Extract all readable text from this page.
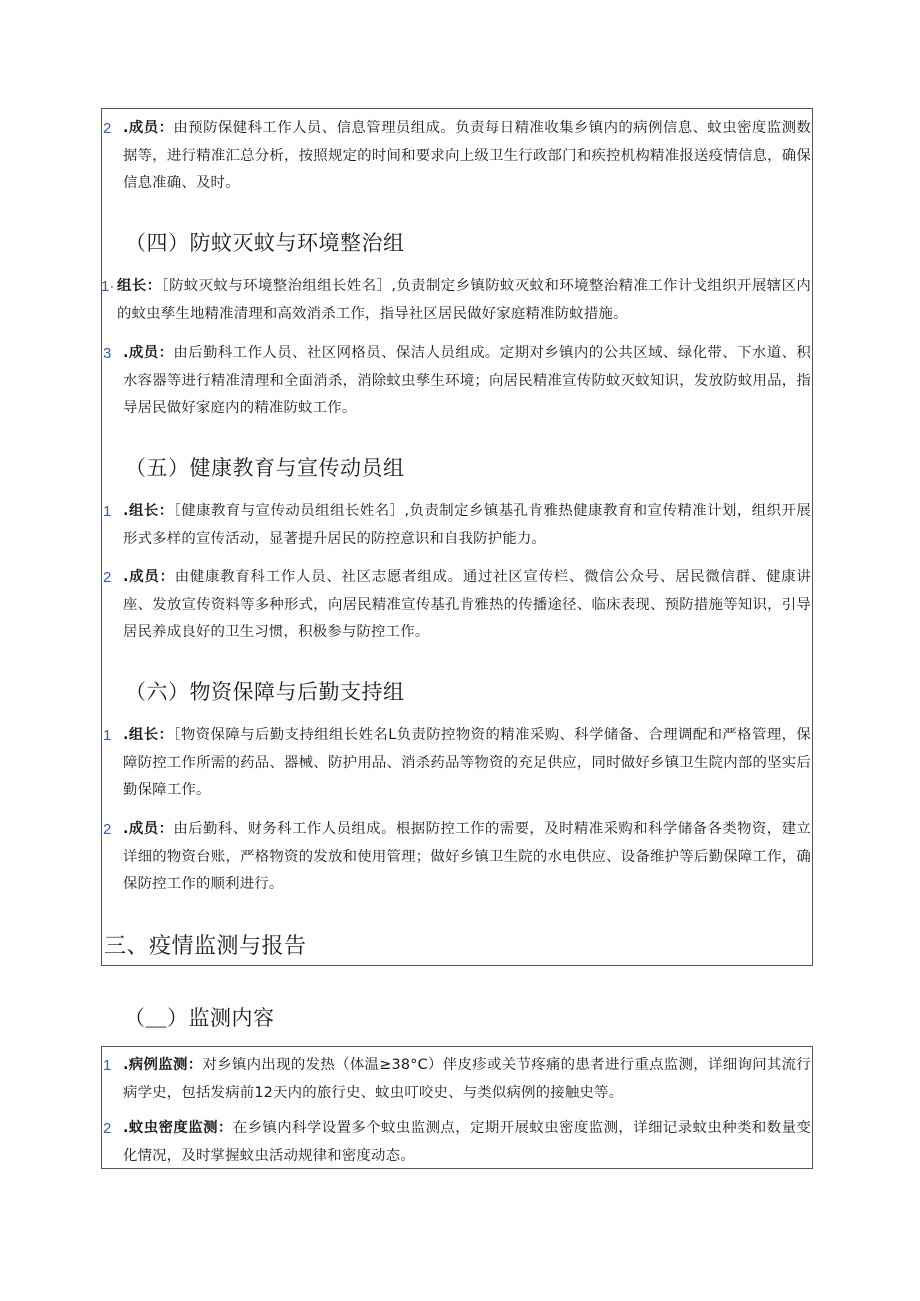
2 .成员：由预防保健科工作人员、信息管理员组成。负责每日精准收集乡镇内的病例信息、蚊虫密度监测数据等，进行精准汇总分析，按照规定的时间和要求向上级卫生行政部门和疾控机构精准报送疫情信息，确保信息准确、及时。
（四）防蚊灭蚊与环境整治组
1· 组长：［防蚊灭蚊与环境整治组组长姓名］,负责制定乡镇防蚊灭蚊和环境整治精准工作计戈组织开展辖区内的蚊虫孳生地精准清理和高效消杀工作，指导社区居民做好家庭精准防蚊措施。
3 .成员：由后勤科工作人员、社区网格员、保洁人员组成。定期对乡镇内的公共区域、绿化带、下水道、积水容器等进行精准清理和全面消杀，消除蚊虫孳生环境；向居民精准宣传防蚊灭蚊知识，发放防蚊用品，指导居民做好家庭内的精准防蚊工作。
（五）健康教育与宣传动员组
1 .组长：［健康教育与宣传动员组组长姓名］,负责制定乡镇基孔肯雅热健康教育和宣传精准计划，组织开展形式多样的宣传活动，显著提升居民的防控意识和自我防护能力。
2 .成员：由健康教育科工作人员、社区志愿者组成。通过社区宣传栏、微信公众号、居民微信群、健康讲座、发放宣传资料等多种形式，向居民精准宣传基孔肯雅热的传播途径、临床表现、预防措施等知识，引导居民养成良好的卫生习惯，积极参与防控工作。
（六）物资保障与后勤支持组
1 .组长：［物资保障与后勤支持组组长姓名L负责防控物资的精准采购、科学储备、合理调配和严格管理，保障防控工作所需的药品、器械、防护用品、消杀药品等物资的充足供应，同时做好乡镇卫生院内部的坚实后勤保障工作。
2 .成员：由后勤科、财务科工作人员组成。根据防控工作的需要，及时精准采购和科学储备各类物资，建立详细的物资台账，严格物资的发放和使用管理；做好乡镇卫生院的水电供应、设备维护等后勤保障工作，确保防控工作的顺利进行。
三、疫情监测与报告
（＿）监测内容
1 .病例监测：对乡镇内出现的发热（体温≥38°C）伴皮疹或关节疼痛的患者进行重点监测，详细询问其流行病学史，包括发病前12天内的旅行史、蚊虫叮咬史、与类似病例的接触史等。
2 .蚊虫密度监测：在乡镇内科学设置多个蚊虫监测点，定期开展蚊虫密度监测，详细记录蚊虫种类和数量变化情况，及时掌握蚊虫活动规律和密度动态。
